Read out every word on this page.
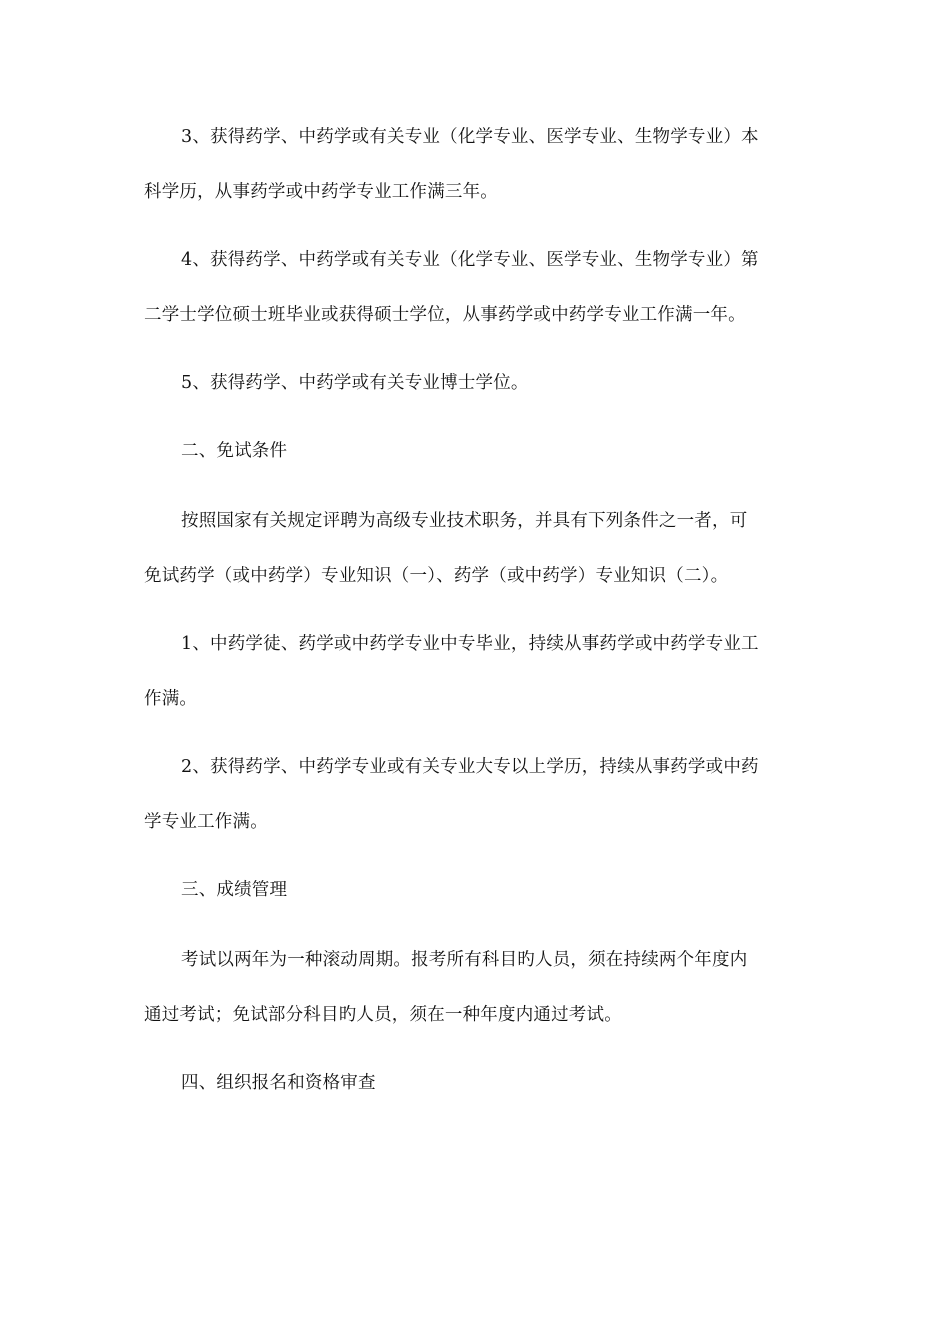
3、获得药学、中药学或有关专业（化学专业、医学专业、生物学专业）本
科学历，从事药学或中药学专业工作满三年。
4、获得药学、中药学或有关专业（化学专业、医学专业、生物学专业）第
二学士学位硕士班毕业或获得硕士学位，从事药学或中药学专业工作满一年。
5、获得药学、中药学或有关专业博士学位。
二、免试条件
按照国家有关规定评聘为高级专业技术职务，并具有下列条件之一者，可
免试药学（或中药学）专业知识（一）、药学（或中药学）专业知识（二）。
1、中药学徒、药学或中药学专业中专毕业，持续从事药学或中药学专业工
作满。
2、获得药学、中药学专业或有关专业大专以上学历，持续从事药学或中药
学专业工作满。
三、成绩管理
考试以两年为一种滚动周期。报考所有科目旳人员，须在持续两个年度内
通过考试；免试部分科目旳人员，须在一种年度内通过考试。
四、组织报名和资格审查
